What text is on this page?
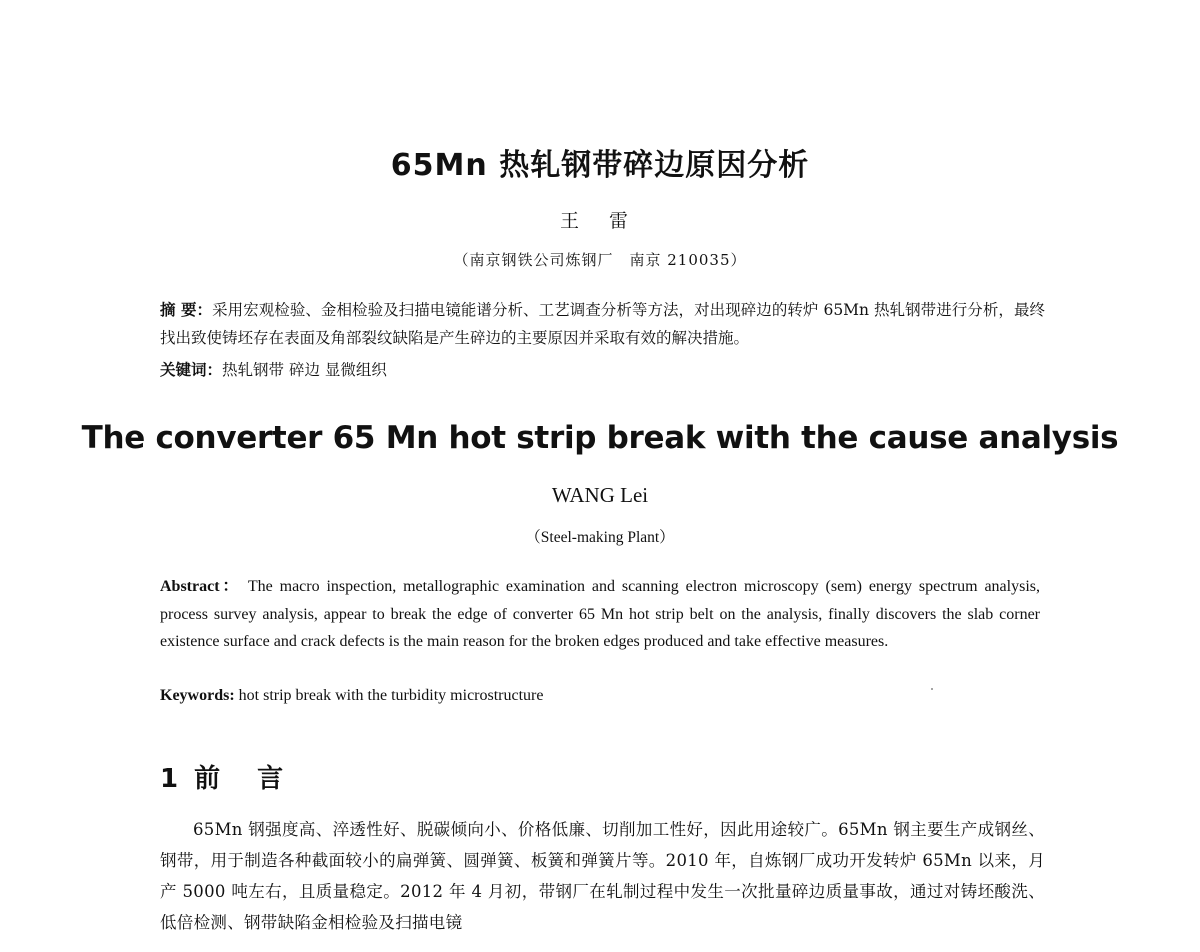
65Mn 热轧钢带碎边原因分析
王 雷
（南京钢铁公司炼钢厂　南京 210035）
摘 要：采用宏观检验、金相检验及扫描电镜能谱分析、工艺调查分析等方法，对出现碎边的转炉 65Mn 热轧钢带进行分析，最终找出致使铸坯存在表面及角部裂纹缺陷是产生碎边的主要原因并采取有效的解决措施。
关键词：热轧钢带 碎边 显微组织
The converter 65 Mn hot strip break with the cause analysis
WANG Lei
（Steel-making Plant）
Abstract： The macro inspection, metallographic examination and scanning electron microscopy (sem) energy spectrum analysis, process survey analysis, appear to break the edge of converter 65 Mn hot strip belt on the analysis, finally discovers the slab corner existence surface and crack defects is the main reason for the broken edges produced and take effective measures.
Keywords: hot strip break with the turbidity microstructure
1 前 言
65Mn 钢强度高、淬透性好、脱碳倾向小、价格低廉、切削加工性好，因此用途较广。65Mn 钢主要生产成钢丝、钢带，用于制造各种截面较小的扁弹簧、圆弹簧、板簧和弹簧片等。2010 年，自炼钢厂成功开发转炉 65Mn 以来，月产 5000 吨左右，且质量稳定。2012 年 4 月初，带钢厂在轧制过程中发生一次批量碎边质量事故，通过对铸坯酸洗、低倍检测、钢带缺陷金相检验及扫描电镜
